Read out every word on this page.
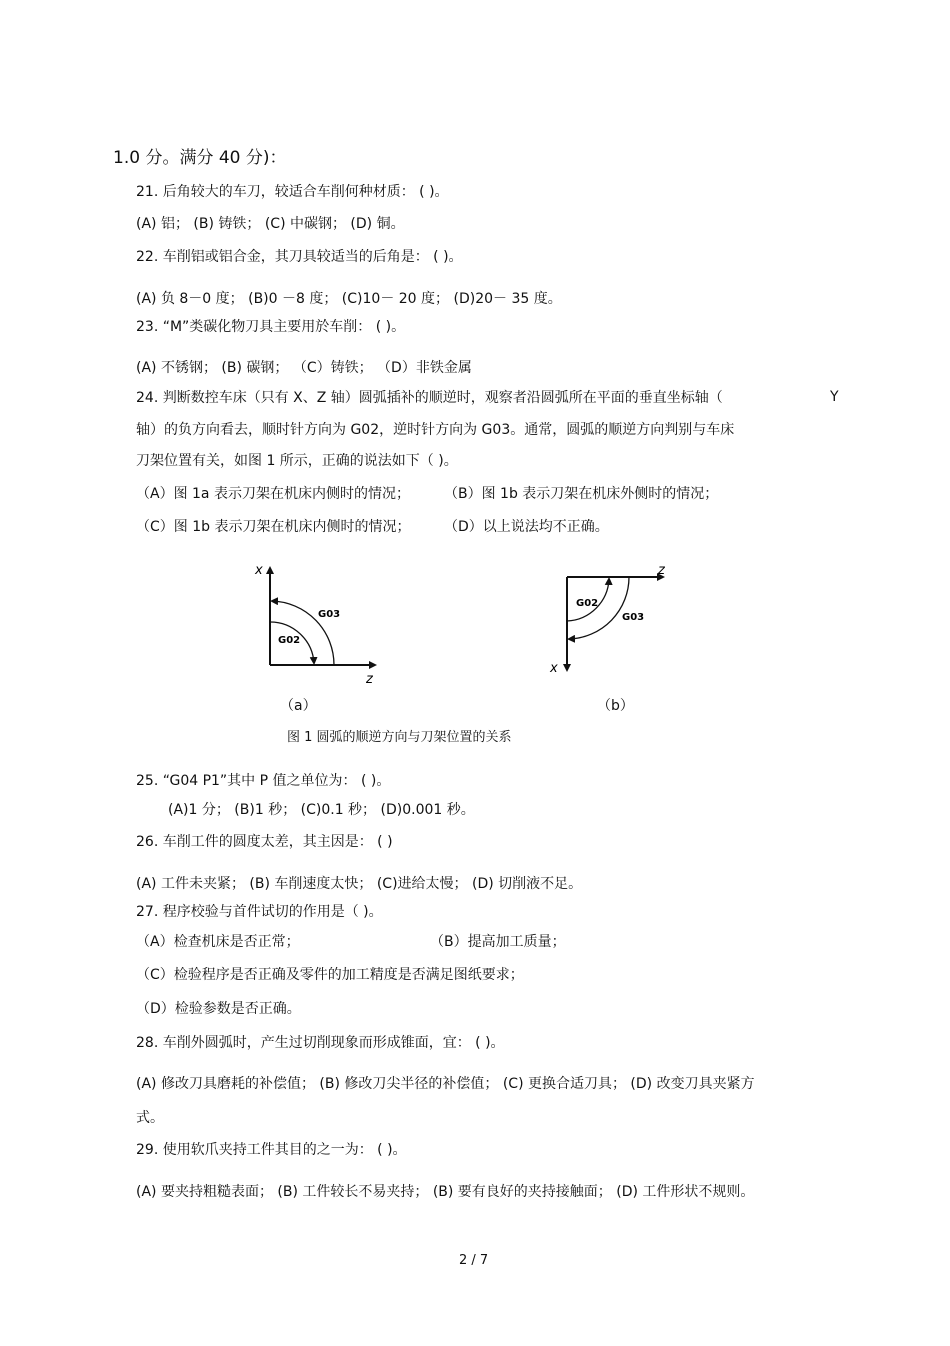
1.0 分。满分 40 分)：
21. 后角较大的车刀，较适合车削何种材质： ( )。
(A) 铝； (B) 铸铁； (C) 中碳钢； (D) 铜。
22. 车削铝或铝合金，其刀具较适当的后角是： ( )。
(A) 负 8－0 度； (B)0 －8 度； (C)10－ 20 度； (D)20－ 35 度。
23. “M”类碳化物刀具主要用於车削： ( )。
(A) 不锈钢； (B) 碳钢； （C）铸铁； （D）非铁金属
24. 判断数控车床（只有 X、Z 轴）圆弧插补的顺逆时，观察者沿圆弧所在平面的垂直坐标轴（	Y
轴）的负方向看去，顺时针方向为 G02，逆时针方向为 G03。通常，圆弧的顺逆方向判别与车床
刀架位置有关，如图 1 所示，正确的说法如下（ )。
（A）图 1a 表示刀架在机床内侧时的情况； （B）图 1b 表示刀架在机床外侧时的情况；
（C）图 1b 表示刀架在机床内侧时的情况； （D）以上说法均不正确。
x
z
G03
G02
（a）
z
x
G02
G03
（b）
图 1 圆弧的顺逆方向与刀架位置的关系
25. “G04 P1”其中 P 值之单位为： ( )。
(A)1 分； (B)1 秒； (C)0.1 秒； (D)0.001 秒。
26. 车削工件的圆度太差，其主因是： ( )
(A) 工件未夹紧； (B) 车削速度太快； (C)进给太慢； (D) 切削液不足。
27. 程序校验与首件试切的作用是（ )。
（A）检查机床是否正常；	（B）提高加工质量；
（C）检验程序是否正确及零件的加工精度是否满足图纸要求；
（D）检验参数是否正确。
28. 车削外圆弧时，产生过切削现象而形成锥面，宜： ( )。
(A) 修改刀具磨耗的补偿值； (B) 修改刀尖半径的补偿值； (C) 更换合适刀具； (D) 改变刀具夹紧方
式。
29. 使用软爪夹持工件其目的之一为： ( )。
(A) 要夹持粗糙表面； (B) 工件较长不易夹持； (B) 要有良好的夹持接触面； (D) 工件形状不规则。
2 / 7
